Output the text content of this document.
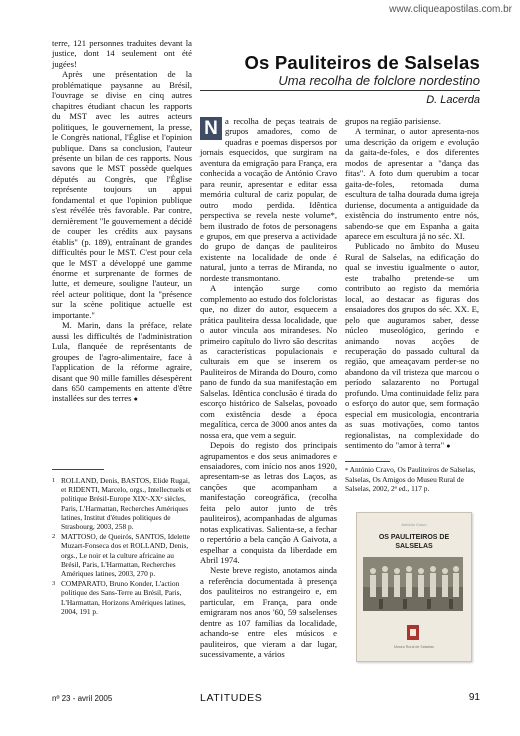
www.cliqueapostilas.com.br

terre, 121 personnes traduites devant la justice, dont 14 seulement ont été jugées!

Après une présentation de la problématique paysanne au Brésil, l'ouvrage se divise en cinq autres chapitres étudiant chacun les rapports du MST avec les autres acteurs politiques, le gouvernement, la presse, le Congrès national, l'Église et l'opinion publique. Dans sa conclusion, l'auteur présente un bilan de ces rapports. Nous savons que le MST possède quelques députés au Congrès, que l'Église représente toujours un appui fondamental et que l'opinion publique s'est révélée très favorable. Par contre, dernièrement "le gouvernement a décidé de couper les crédits aux paysans établis" (p. 189), entraînant de grandes difficultés pour le MST. C'est pour cela que le MST a développé une gamme énorme et surprenante de formes de lutte, et demeure, souligne l'auteur, un réel acteur politique, dont la "présence sur la scène politique actuelle est importante."

M. Marin, dans la préface, relate aussi les difficultés de l'administration Lula, flanquée de représentants de groupes de l'agro-alimentaire, face à l'application de la réforme agraire, disant que 90 mille familles désespèrent dans 650 campements en attente d'être installées sur des terres ●

1 ROLLAND, Denis, BASTOS, Elide Rugai, et RIDENTI, Marcelo, orgs., Intellectuels et politique Brésil-Europe XIXᵉ-XXᵉ siècles, Paris, L'Harmattan, Recherches Amériques latines, Institut d'études politiques de Strasbourg, 2003, 258 p.
2 MATTOSO, de Queirós, SANTOS, Idelette Muzart-Fonseca dos et ROLLAND, Denis, orgs., Le noir et la culture africaine au Brésil, Paris, L'Harmattan, Recherches Amériques latines, 2003, 270 p.
3 COMPARATO, Bruno Konder, L'action politique des Sans-Terre au Brésil, Paris, L'Harmattan, Horizons Amériques latines, 2004, 191 p.
Os Pauliteiros de Salselas
Uma recolha de folclore nordestino
D. Lacerda

N a recolha de peças teatrais de grupos amadores, como de quadras e poemas dispersos por jornais esquecidos, que surgiram na aventura da emigração para França, era conhecida a vocação de António Cravo para reunir, apresentar e editar essa memória cultural de cariz popular, de outro modo perdida. Idêntica perspectiva se revela neste volume*, bem ilustrado de fotos de personagens e grupos, em que preserva a actividade do grupo de danças de pauliteiros existente na localidade de onde é natural, junto a terras de Miranda, no nordeste transmontano.

A intenção surge como complemento ao estudo dos folcloristas que, no dizer do autor, esquecem a prática pauliteira dessa localidade, que o autor vincula aos mirandeses. No primeiro capítulo do livro são descritas as características populacionais e culturais em que se inserem os Pauliteiros de Miranda do Douro, como pano de fundo da sua manifestação em Salselas. Idêntica conclusão é tirada do escorço histórico de Salselas, povoado com existência desde a época megalítica, cerca de 3000 anos antes da nossa era, que vem a seguir.

Depois do registo dos principais agrupamentos e dos seus animadores e ensaiadores, com início nos anos 1920, apresentam-se as letras dos Laços, as canções que acompanham a manifestação coreográfica, (recolha feita pelo autor junto de três pauliteiros), acompanhadas de algumas notas explicativas. Salienta-se, a fechar o repertório a bela canção A Gaivota, a espelhar a conquista da liberdade em Abril 1974.

Neste breve registo, anotamos ainda a referência documentada à presença dos pauliteiros no estrangeiro e, em particular, em França, para onde emigraram nos anos '60, 59 salselenses dentre as 107 famílias da localidade, achando-se entre eles músicos e pauliteiros, que vieram a dar lugar, sucessivamente, a vários

grupos na região parisiense.

A terminar, o autor apresenta-nos uma descrição da origem e evolução da gaita-de-foles, e dos diferentes modos de apresentar a "dança das fitas". A foto dum querubim a tocar gaita-de-foles, retomada duma escultura de talha dourada duma igreja duriense, documenta a antiguidade da existência do instrumento entre nós, sabendo-se que em Espanha a gaita aparece em escultura já no séc. XI.

Publicado no âmbito do Museu Rural de Salselas, na edificação do qual se investiu igualmente o autor, este trabalho pretende-se um contributo ao registo da memória local, ao destacar as figuras dos ensaiadores dos grupos do séc. XX. E, pelo que auguramos saber, desse núcleo museológico, gerindo e animando novas acções de recuperação do passado cultural da região, que ameaçavam perder-se no abandono da vil tristeza que marcou o período salazarento no Portugal profundo. Uma continuidade feliz para o esforço do autor que, sem formação especial em musicologia, encontraria as suas motivações, como tantos regionalistas, na complexidade do sentimento do "amor à terra" ●

* António Cravo, Os Pauliteiros de Salselas, Salselas, Os Amigos do Museu Rural de Salselas, 2002, 2ª ed., 117 p.
António Cravo
OS PAULITEIROS DE SALSELAS
Museu Rural de Salselas
nº 23 - avril 2005	LATITUDES	91
